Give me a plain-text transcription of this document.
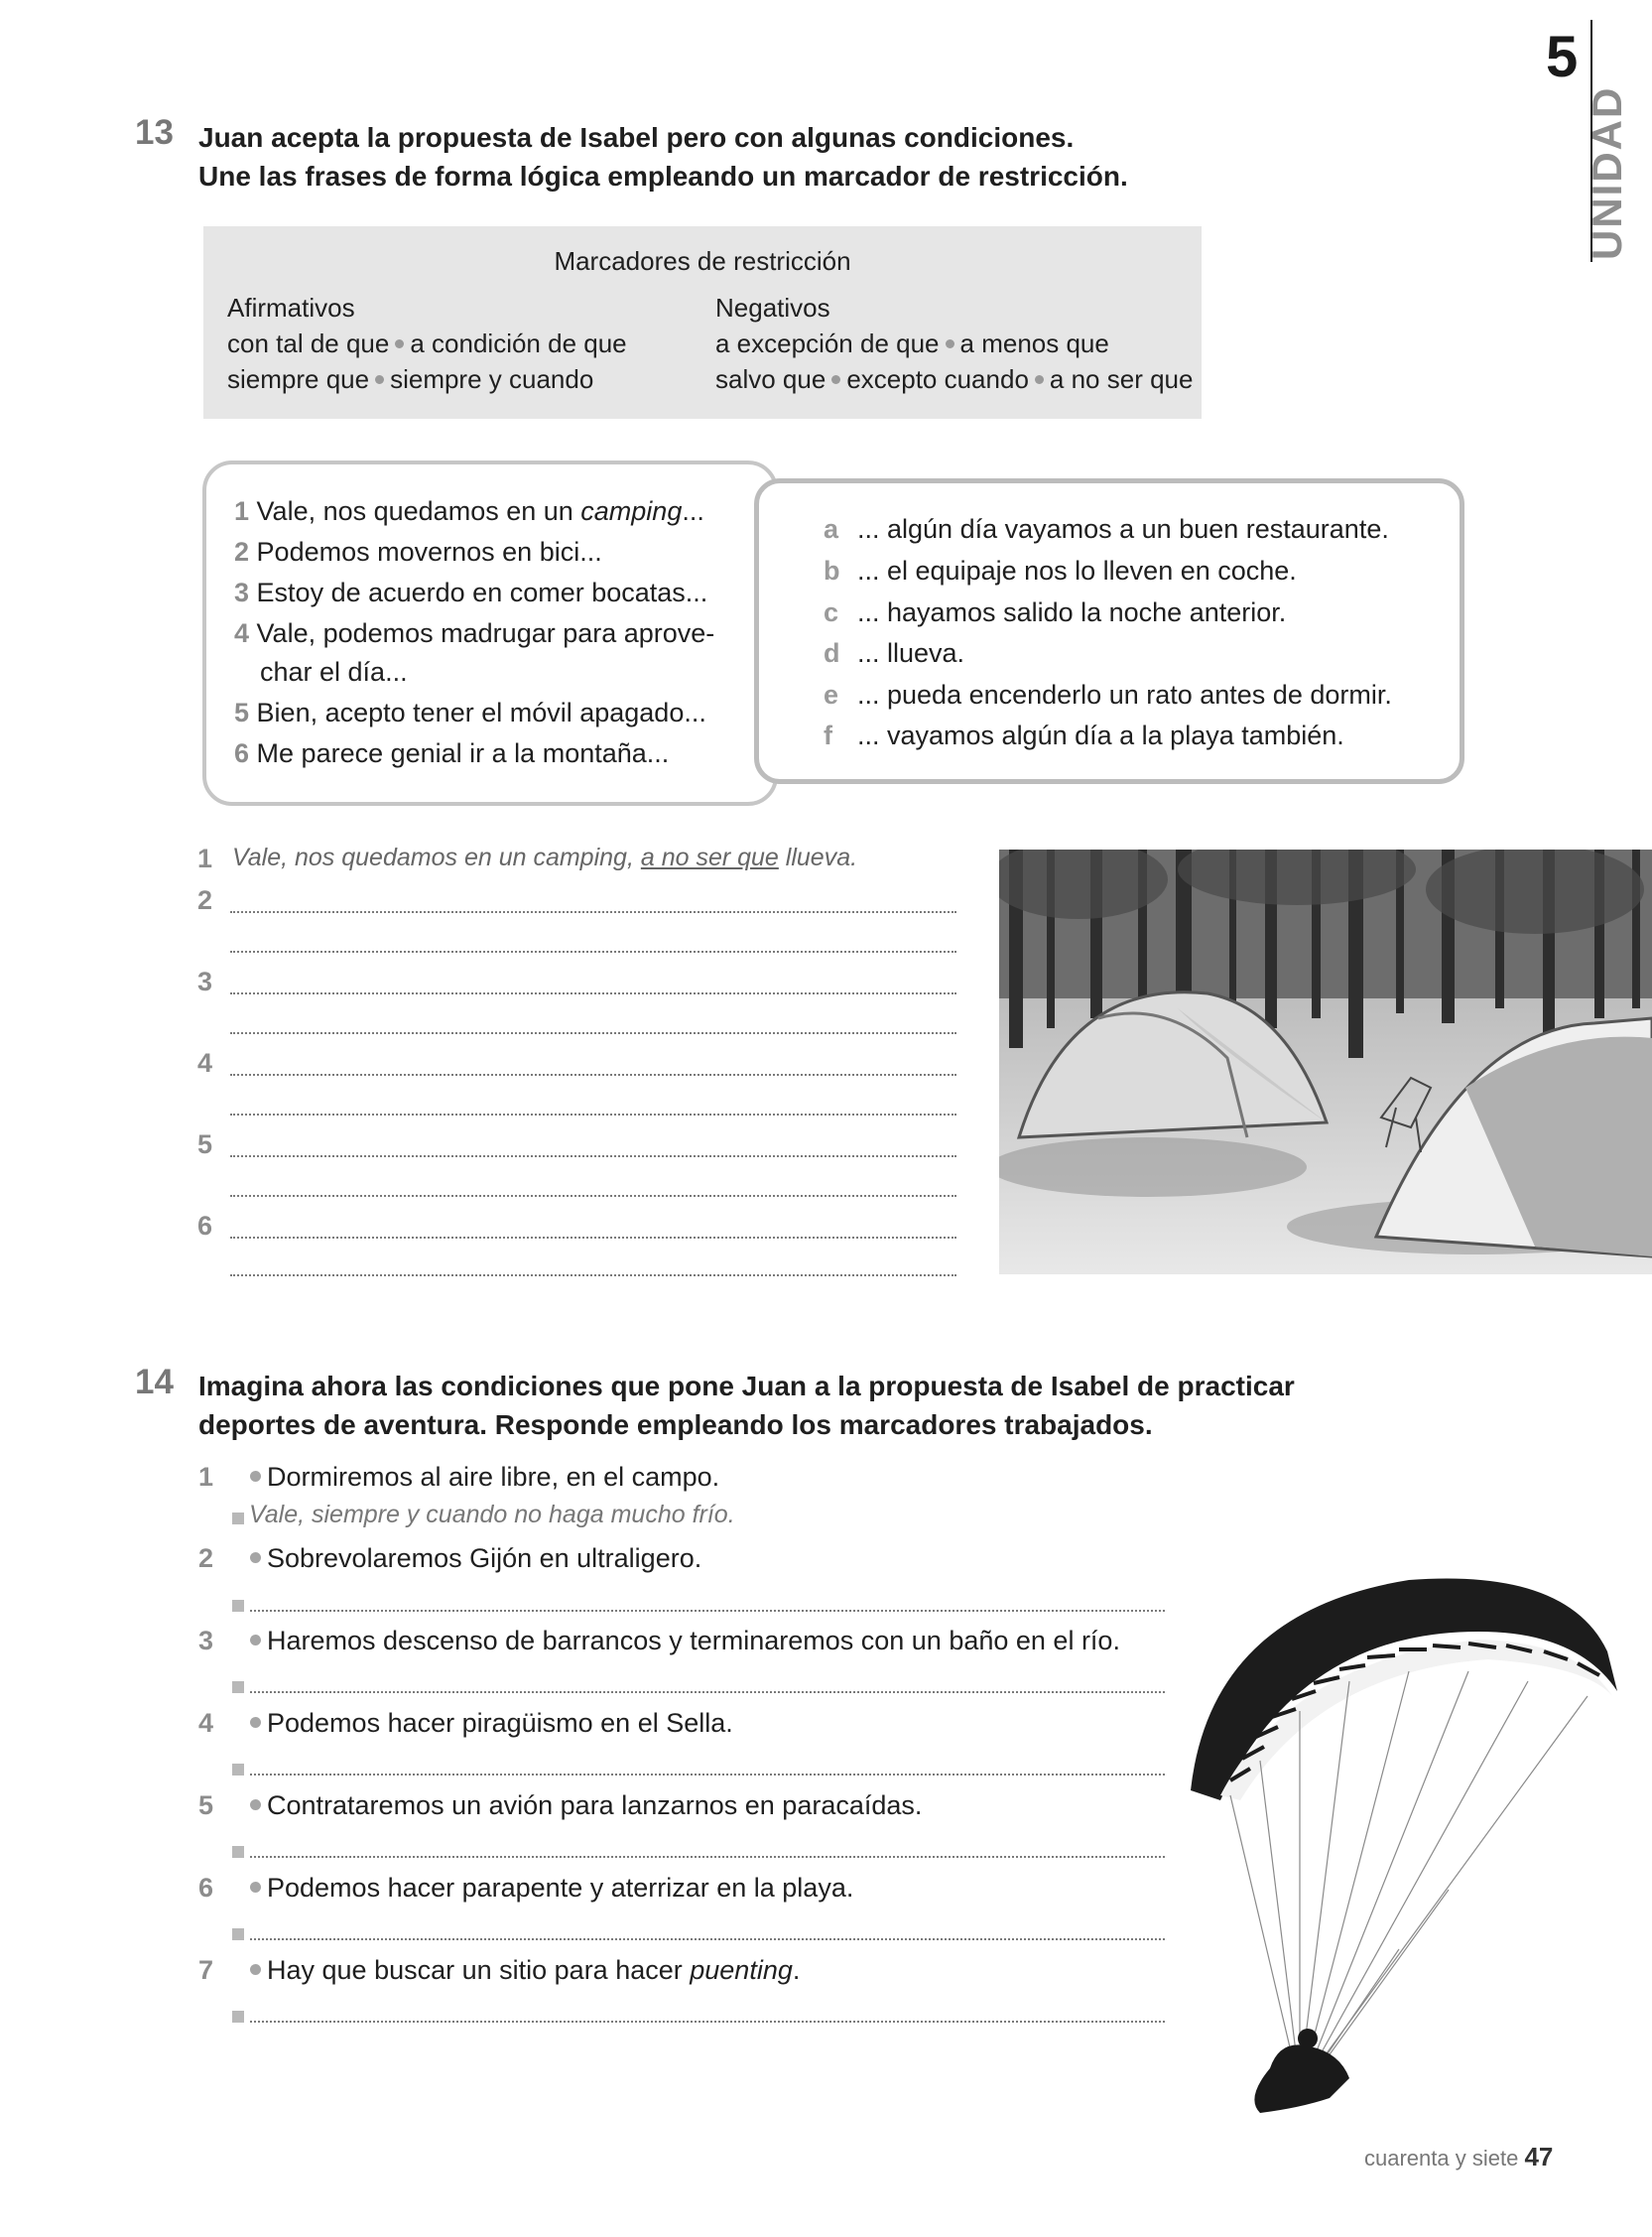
5
UNIDAD
13 Juan acepta la propuesta de Isabel pero con algunas condiciones.
Une las frases de forma lógica empleando un marcador de restricción.
Marcadores de restricción
Afirmativos
con tal de que a condición de que
siempre que siempre y cuando
Negativos
a excepción de que a menos que
salvo que excepto cuando a no ser que
1 Vale, nos quedamos en un camping...
2 Podemos movernos en bici...
3 Estoy de acuerdo en comer bocatas...
4 Vale, podemos madrugar para aprove-
char el día...
5 Bien, acepto tener el móvil apagado...
6 Me parece genial ir a la montaña...
a ... algún día vayamos a un buen restaurante.
b ... el equipaje nos lo lleven en coche.
c ... hayamos salido la noche anterior.
d ... llueva.
e ... pueda encenderlo un rato antes de dormir.
f ... vayamos algún día a la playa también.
1 Vale, nos quedamos en un camping, a no ser que llueva.
2
3
4
5
6
14 Imagina ahora las condiciones que pone Juan a la propuesta de Isabel de practicar
deportes de aventura. Responde empleando los marcadores trabajados.
1 Dormiremos al aire libre, en el campo.
Vale, siempre y cuando no haga mucho frío.
2 Sobrevolaremos Gijón en ultraligero.
3 Haremos descenso de barrancos y terminaremos con un baño en el río.
4 Podemos hacer piragüismo en el Sella.
5 Contrataremos un avión para lanzarnos en paracaídas.
6 Podemos hacer parapente y aterrizar en la playa.
7 Hay que buscar un sitio para hacer puenting.
cuarenta y siete 47
